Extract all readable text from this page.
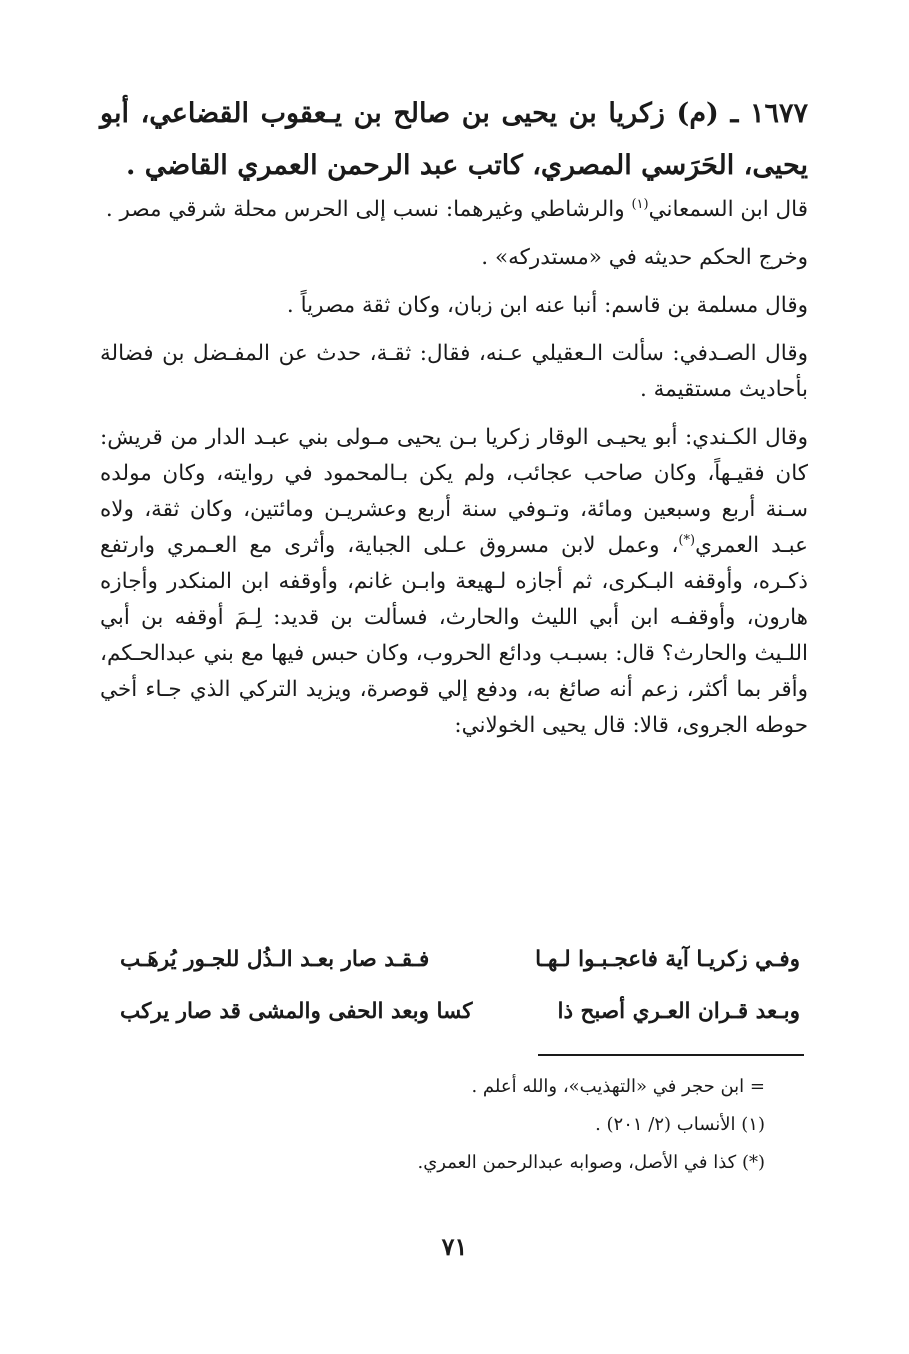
١٦٧٧ ـ (م) زكريا بن يحيى بن صالح بن يـعقوب القضاعي، أبو يحيى، الحَرَسي المصري، كاتب عبد الرحمن العمري القاضي .

قال ابن السمعاني$^{(١)}$ والرشاطي وغيرهما: نسب إلى الحرس محلة شرقي مصر .

وخرج الحكم حديثه في «مستدركه» .

وقال مسلمة بن قاسم: أنبا عنه ابن زبان، وكان ثقة مصرياً .

وقال الصـدفي: سألت الـعقيلي عـنه، فقال: ثقـة، حدث عن المفـضل بن فضالة بأحاديث مستقيمة .

وقال الكـندي: أبو يحيـى الوقار زكريا بـن يحيى مـولى بني عبـد الدار من قريش: كان فقيـهاً، وكان صاحب عجائب، ولم يكن بـالمحمود في روايته، وكان مولده سـنة أربع وسبعين ومائة، وتـوفي سنة أربع وعشريـن ومائتين، وكان ثقة، ولاه عبـد العمري(*)، وعمل لابن مسروق عـلى الجباية، وأثرى مع العـمري وارتفع ذكـره، وأوقفه البـكرى، ثم أجازه لـهيعة وابـن غانم، وأوقفه ابن المنكدر وأجازه هارون، وأوقفـه ابن أبي الليث والحارث، فسألت بن قديد: لِـمَ أوقفه بن أبي اللـيث والحارث؟ قال: بسبـب ودائع الحروب، وكان حبس فيها مع بني عبدالحـكم، وأقر بما أكثر، زعم أنه صائغ به، ودفع إلي قوصرة، ويزيد التركي الذي جـاء أخي حوطه الجروى، قالا: قال يحيى الخولاني:

وفـي زكريـا آية فاعجـبـوا لـهـا
فـقـد صار بعـد الـذُل للجـور يُرهَـب
وبـعد قـران العـري أصبح ذا
كسا وبعد الحفى والمشى قد صار يركب
= ابن حجر في «التهذيب»، والله أعلم .
(١) الأنساب (٢/ ٢٠١) .
(*) كذا في الأصل، وصوابه عبدالرحمن العمري.
٧١
